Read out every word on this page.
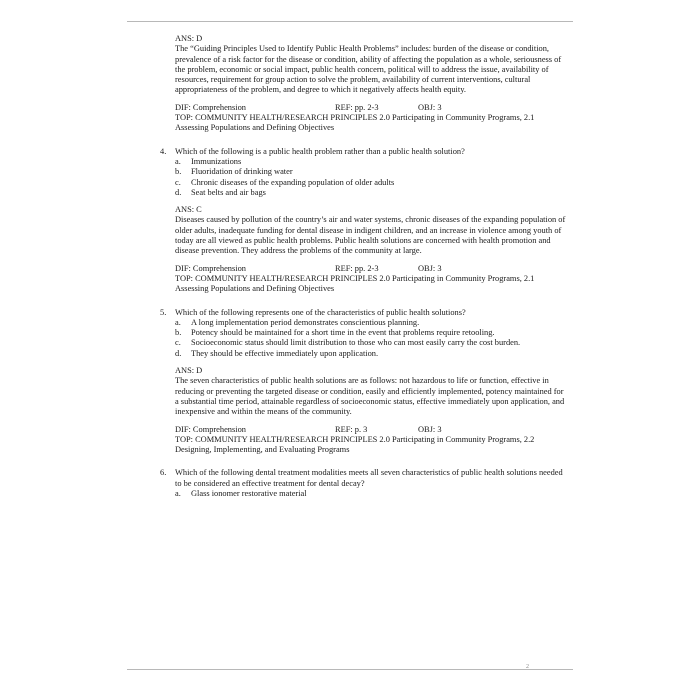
ANS: D

The “Guiding Principles Used to Identify Public Health Problems” includes: burden of the disease or condition, prevalence of a risk factor for the disease or condition, ability of affecting the population as a whole, seriousness of the problem, economic or social impact, public health concern, political will to address the issue, availability of resources, requirement for group action to solve the problem, availability of current interventions, cultural appropriateness of the problem, and degree to which it negatively affects health equity.

DIF: Comprehension	REF: pp. 2-3	OBJ: 3

TOP: COMMUNITY HEALTH/RESEARCH PRINCIPLES 2.0 Participating in Community Programs, 2.1 Assessing Populations and Defining Objectives

4. Which of the following is a public health problem rather than a public health solution?

a. Immunizations
b. Fluoridation of drinking water
c. Chronic diseases of the expanding population of older adults
d. Seat belts and air bags

ANS: C

Diseases caused by pollution of the country’s air and water systems, chronic diseases of the expanding population of older adults, inadequate funding for dental disease in indigent children, and an increase in violence among youth of today are all viewed as public health problems. Public health solutions are concerned with health promotion and disease prevention. They address the problems of the community at large.

DIF: Comprehension	REF: pp. 2-3	OBJ: 3

TOP: COMMUNITY HEALTH/RESEARCH PRINCIPLES 2.0 Participating in Community Programs, 2.1 Assessing Populations and Defining Objectives

5. Which of the following represents one of the characteristics of public health solutions?

a. A long implementation period demonstrates conscientious planning.
b. Potency should be maintained for a short time in the event that problems require retooling.
c. Socioeconomic status should limit distribution to those who can most easily carry the cost burden.
d. They should be effective immediately upon application.

ANS: D

The seven characteristics of public health solutions are as follows: not hazardous to life or function, effective in reducing or preventing the targeted disease or condition, easily and efficiently implemented, potency maintained for a substantial time period, attainable regardless of socioeconomic status, effective immediately upon application, and inexpensive and within the means of the community.

DIF: Comprehension	REF: p. 3	OBJ: 3

TOP: COMMUNITY HEALTH/RESEARCH PRINCIPLES 2.0 Participating in Community Programs, 2.2 Designing, Implementing, and Evaluating Programs

6. Which of the following dental treatment modalities meets all seven characteristics of public health solutions needed to be considered an effective treatment for dental decay?

a. Glass ionomer restorative material
2
